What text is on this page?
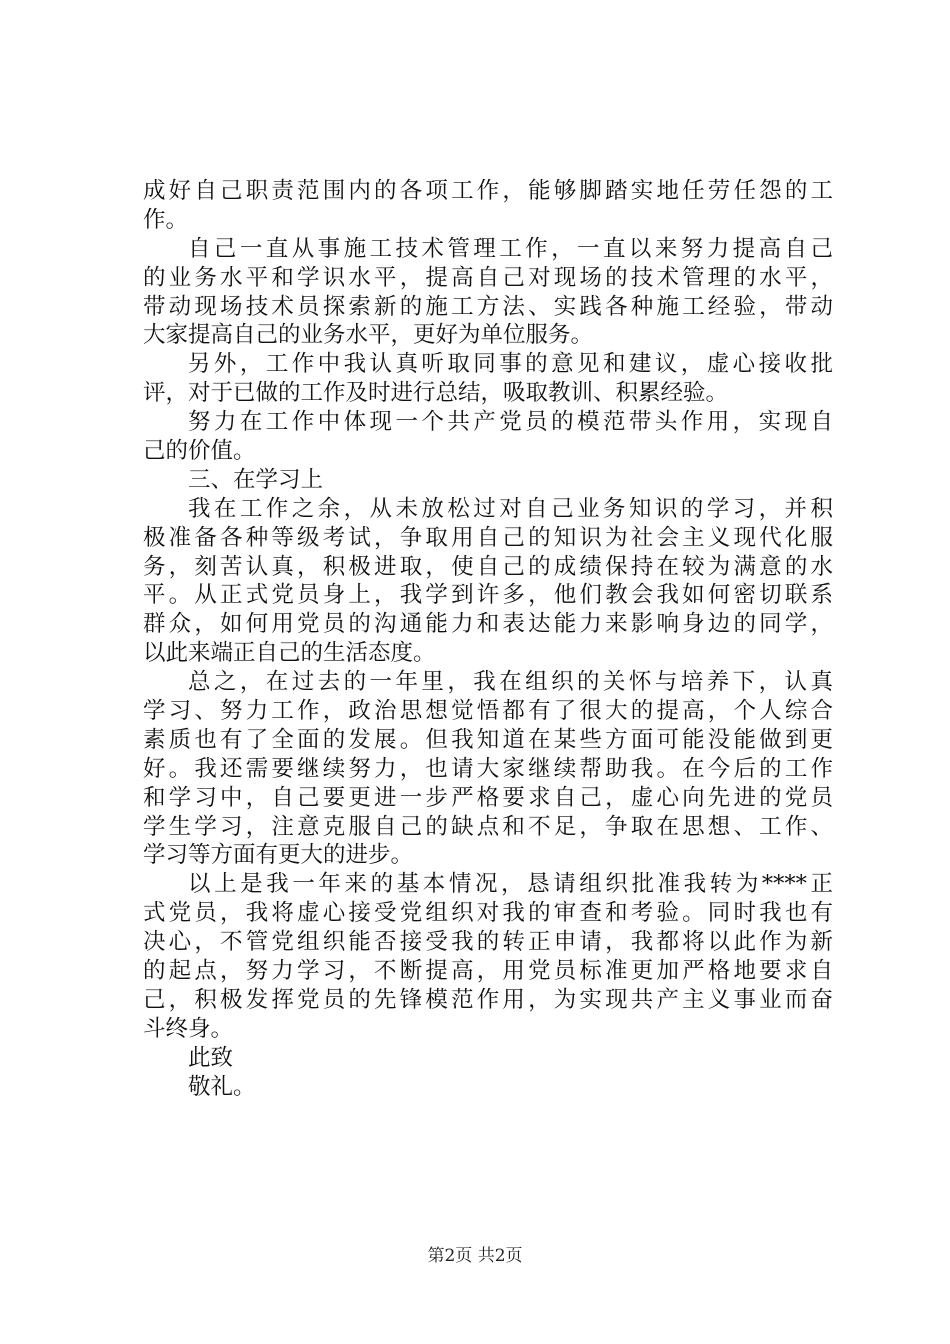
成好自己职责范围内的各项工作，能够脚踏实地任劳任怨的工
作。
自己一直从事施工技术管理工作，一直以来努力提高自己
的业务水平和学识水平，提高自己对现场的技术管理的水平，
带动现场技术员探索新的施工方法、实践各种施工经验，带动
大家提高自己的业务水平，更好为单位服务。
另外，工作中我认真听取同事的意见和建议，虚心接收批
评，对于已做的工作及时进行总结，吸取教训、积累经验。
努力在工作中体现一个共产党员的模范带头作用，实现自
己的价值。
三、在学习上
我在工作之余，从未放松过对自己业务知识的学习，并积
极准备各种等级考试，争取用自己的知识为社会主义现代化服
务，刻苦认真，积极进取，使自己的成绩保持在较为满意的水
平。从正式党员身上，我学到许多，他们教会我如何密切联系
群众，如何用党员的沟通能力和表达能力来影响身边的同学，
以此来端正自己的生活态度。
总之，在过去的一年里，我在组织的关怀与培养下，认真
学习、努力工作，政治思想觉悟都有了很大的提高，个人综合
素质也有了全面的发展。但我知道在某些方面可能没能做到更
好。我还需要继续努力，也请大家继续帮助我。在今后的工作
和学习中，自己要更进一步严格要求自己，虚心向先进的党员
学生学习，注意克服自己的缺点和不足，争取在思想、工作、
学习等方面有更大的进步。
以上是我一年来的基本情况，恳请组织批准我转为****正
式党员，我将虚心接受党组织对我的审查和考验。同时我也有
决心，不管党组织能否接受我的转正申请，我都将以此作为新
的起点，努力学习，不断提高，用党员标准更加严格地要求自
己，积极发挥党员的先锋模范作用，为实现共产主义事业而奋
斗终身。
此致
敬礼。
第2页 共2页
